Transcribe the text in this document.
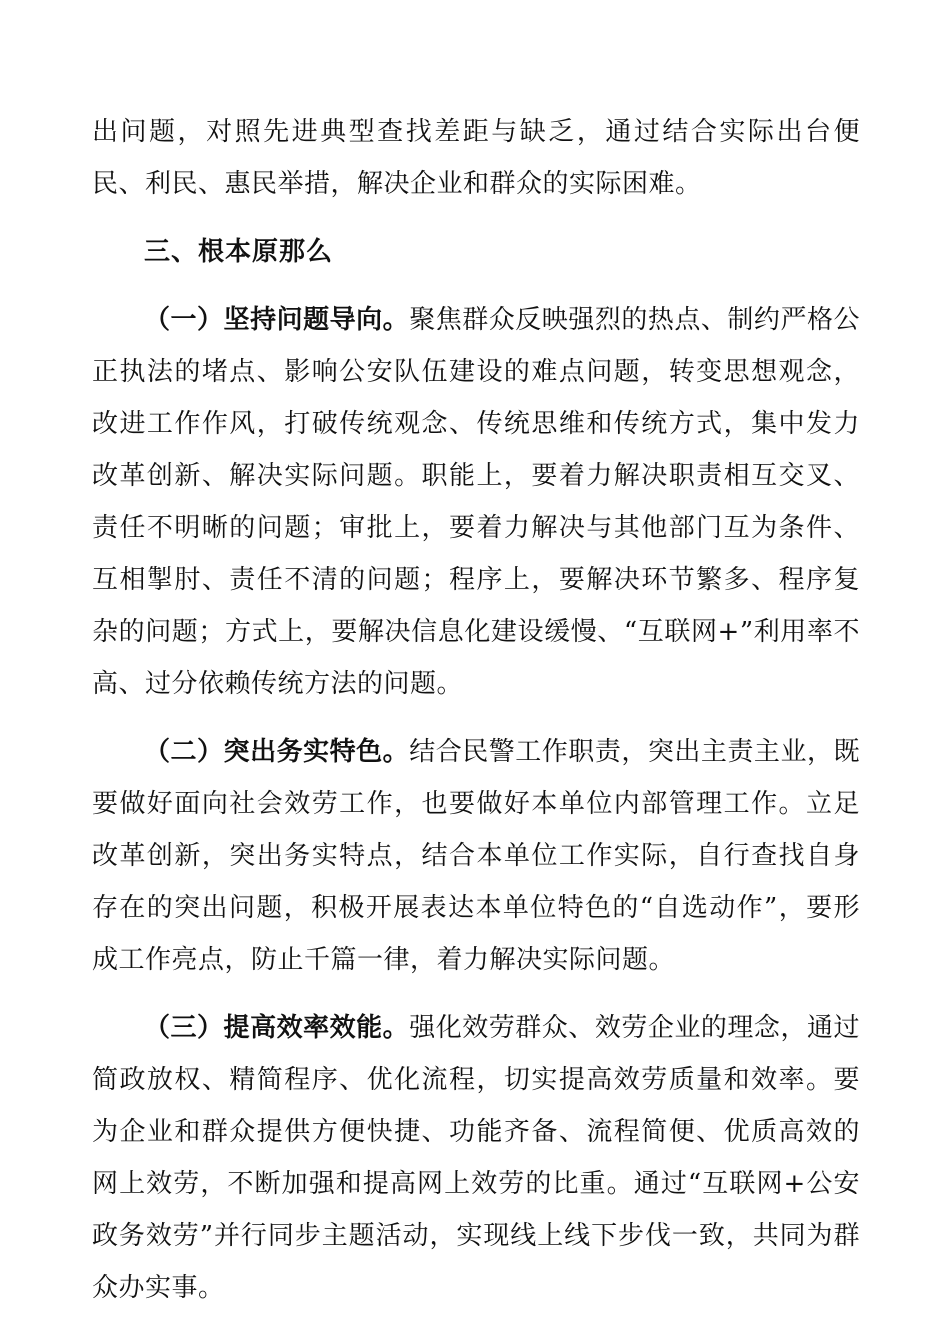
出问题，对照先进典型查找差距与缺乏，通过结合实际出台便民、利民、惠民举措，解决企业和群众的实际困难。

三、根本原那么

（一）坚持问题导向。聚焦群众反映强烈的热点、制约严格公正执法的堵点、影响公安队伍建设的难点问题，转变思想观念，改进工作作风，打破传统观念、传统思维和传统方式，集中发力改革创新、解决实际问题。职能上，要着力解决职责相互交叉、责任不明晰的问题；审批上，要着力解决与其他部门互为条件、互相掣肘、责任不清的问题；程序上，要解决环节繁多、程序复杂的问题；方式上，要解决信息化建设缓慢、“互联网+”利用率不高、过分依赖传统方法的问题。

（二）突出务实特色。结合民警工作职责，突出主责主业，既要做好面向社会效劳工作，也要做好本单位内部管理工作。立足改革创新，突出务实特点，结合本单位工作实际，自行查找自身存在的突出问题，积极开展表达本单位特色的“自选动作”，要形成工作亮点，防止千篇一律，着力解决实际问题。

（三）提高效率效能。强化效劳群众、效劳企业的理念，通过简政放权、精简程序、优化流程，切实提高效劳质量和效率。要为企业和群众提供方便快捷、功能齐备、流程简便、优质高效的网上效劳，不断加强和提高网上效劳的比重。通过“互联网+公安政务效劳”并行同步主题活动，实现线上线下步伐一致，共同为群众办实事。
